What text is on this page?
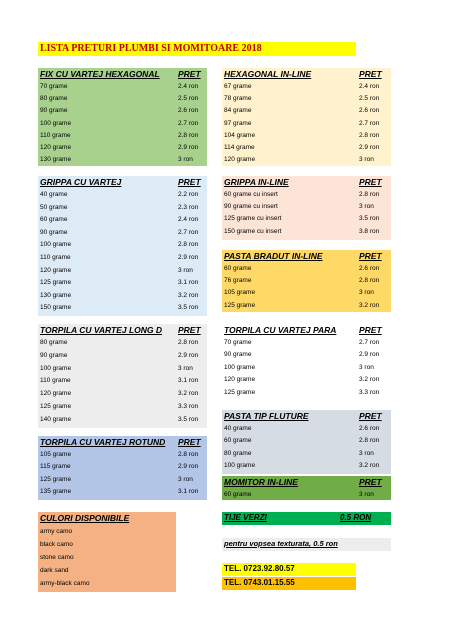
LISTA PRETURI PLUMBI SI MOMITOARE 2018
FIX CU VARTEJ HEXAGONAL PRET
70 grame	2.4 ron
80 grame	2.5 ron
90 grame	2.6 ron
100 grame	2.7 ron
110 grame	2.8 ron
120 grame	2.9 ron
130 grame	3 ron
HEXAGONAL IN-LINE	PRET
67 grame	2.4 ron
78 grame	2.5 ron
84 grame	2.6 ron
97 grame	2.7 ron
104 grame	2.8 ron
114 grame	2.9 ron
120 grame	3 ron
GRIPPA CU VARTEJ	PRET
40 grame	2.2 ron
50 grame	2.3 ron
60 grame	2.4 ron
90 grame	2.7 ron
100 grame	2.8 ron
110 grame	2.9 ron
120 grame	3 ron
125 grame	3.1 ron
130 grame	3.2 ron
150 grame	3.5 ron
GRIPPA IN-LINE	PRET
60 grame cu insert	2.8 ron
90 grame cu insert	3 ron
125 grame cu insert	3.5 ron
150 grame cu insert	3.8 ron
PASTA BRADUT IN-LINE	PRET
60 grame	2.6 ron
76 grame	2.8 ron
105 grame	3 ron
125 grame	3.2 ron
TORPILA CU VARTEJ LONG D PRET
80 grame	2.8 ron
90 grame	2.9 ron
100 grame	3 ron
110 grame	3.1 ron
120 grame	3.2 ron
125 grame	3.3 ron
140 grame	3.5 ron
TORPILA CU VARTEJ PARA	PRET
70 grame	2.7 ron
90 grame	2.9 ron
100 grame	3 ron
120 grame	3.2 ron
125 grame	3.3 ron
PASTA TIP FLUTURE	PRET
40 grame	2.6 ron
60 grame	2.8 ron
80 grame	3 ron
100 grame	3.2 ron
TORPILA CU VARTEJ ROTUND PRET
105 grame	2.8 ron
115 grame	2.9 ron
125 grame	3 ron
135 grame	3.1 ron
MOMITOR IN-LINE	PRET
60 grame	3 ron
CULORI DISPONIBILE
army camo
black camo
stone camo
dark sand
army-black camo
TIJE VERZI	0.5 RON
pentru vopsea texturata, 0.5 ron
TEL. 0723.92.80.57
TEL. 0743.01.15.55
